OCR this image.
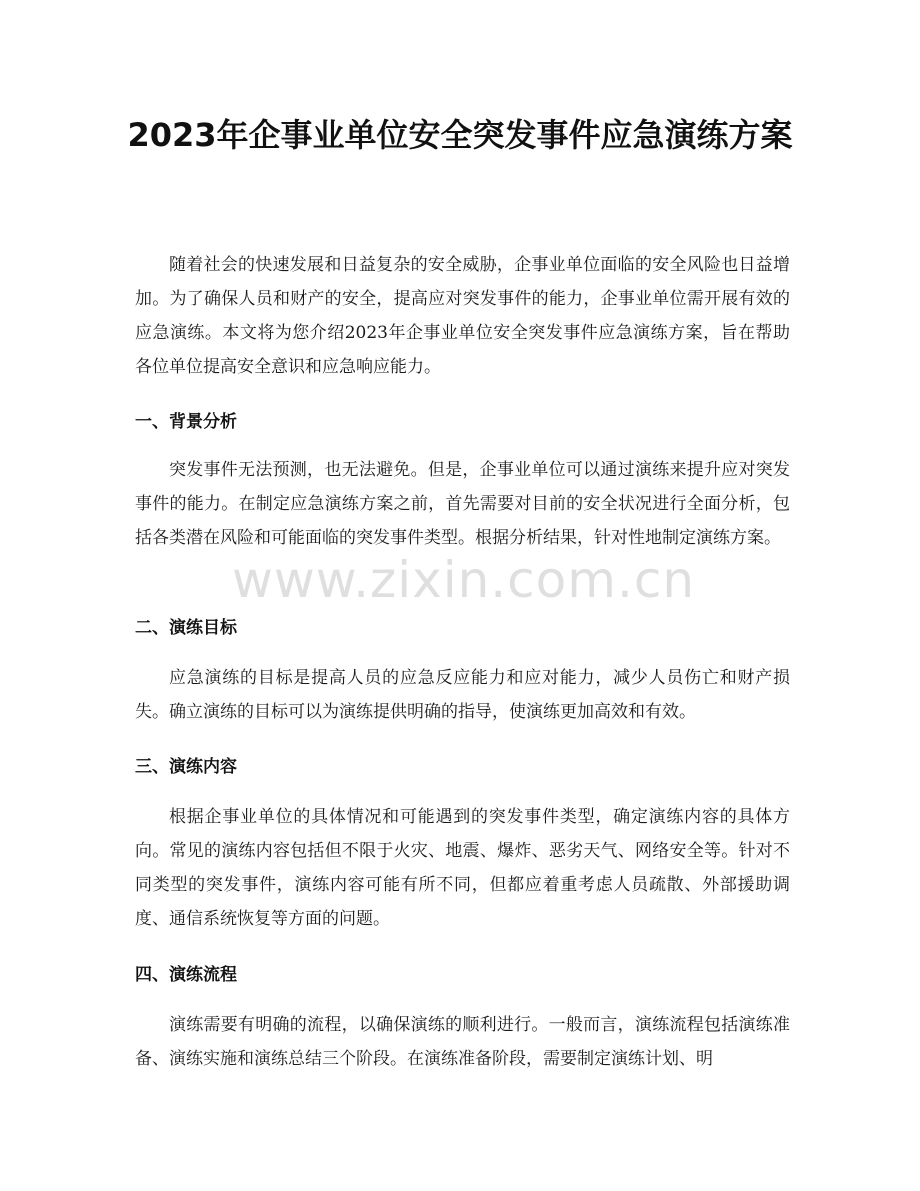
2023年企事业单位安全突发事件应急演练方案

随着社会的快速发展和日益复杂的安全威胁，企事业单位面临的安全风险也日益增加。为了确保人员和财产的安全，提高应对突发事件的能力，企事业单位需开展有效的应急演练。本文将为您介绍2023年企事业单位安全突发事件应急演练方案，旨在帮助各位单位提高安全意识和应急响应能力。

一、背景分析

突发事件无法预测，也无法避免。但是，企事业单位可以通过演练来提升应对突发事件的能力。在制定应急演练方案之前，首先需要对目前的安全状况进行全面分析，包括各类潜在风险和可能面临的突发事件类型。根据分析结果，针对性地制定演练方案。

二、演练目标

应急演练的目标是提高人员的应急反应能力和应对能力，减少人员伤亡和财产损失。确立演练的目标可以为演练提供明确的指导，使演练更加高效和有效。

三、演练内容

根据企事业单位的具体情况和可能遇到的突发事件类型，确定演练内容的具体方向。常见的演练内容包括但不限于火灾、地震、爆炸、恶劣天气、网络安全等。针对不同类型的突发事件，演练内容可能有所不同，但都应着重考虑人员疏散、外部援助调度、通信系统恢复等方面的问题。

四、演练流程

演练需要有明确的流程，以确保演练的顺利进行。一般而言，演练流程包括演练准备、演练实施和演练总结三个阶段。在演练准备阶段，需要制定演练计划、明

www.zixin.com.cn
